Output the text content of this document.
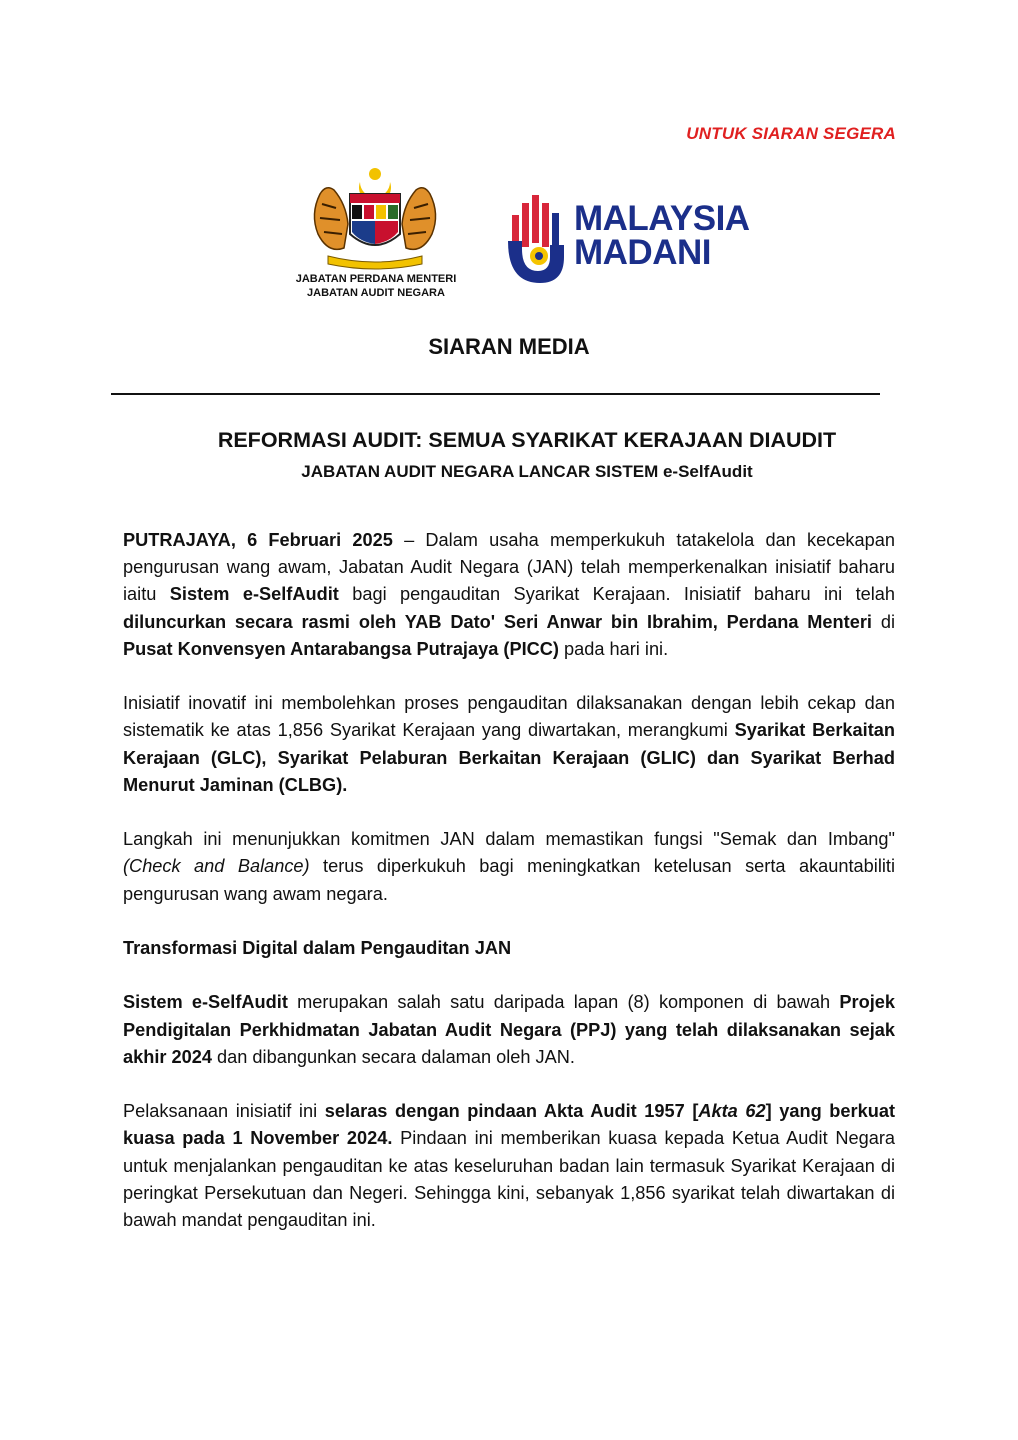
UNTUK SIARAN SEGERA
JABATAN PERDANA MENTERI
JABATAN AUDIT NEGARA
MALAYSIA
MADANI
SIARAN MEDIA
REFORMASI AUDIT: SEMUA SYARIKAT KERAJAAN DIAUDIT
JABATAN AUDIT NEGARA LANCAR SISTEM e-SelfAudit

PUTRAJAYA, 6 Februari 2025 – Dalam usaha memperkukuh tatakelola dan kecekapan pengurusan wang awam, Jabatan Audit Negara (JAN) telah memperkenalkan inisiatif baharu iaitu Sistem e-SelfAudit bagi pengauditan Syarikat Kerajaan. Inisiatif baharu ini telah diluncurkan secara rasmi oleh YAB Dato' Seri Anwar bin Ibrahim, Perdana Menteri di Pusat Konvensyen Antarabangsa Putrajaya (PICC) pada hari ini.

Inisiatif inovatif ini membolehkan proses pengauditan dilaksanakan dengan lebih cekap dan sistematik ke atas 1,856 Syarikat Kerajaan yang diwartakan, merangkumi Syarikat Berkaitan Kerajaan (GLC), Syarikat Pelaburan Berkaitan Kerajaan (GLIC) dan Syarikat Berhad Menurut Jaminan (CLBG).

Langkah ini menunjukkan komitmen JAN dalam memastikan fungsi "Semak dan Imbang" (Check and Balance) terus diperkukuh bagi meningkatkan ketelusan serta akauntabiliti pengurusan wang awam negara.

Transformasi Digital dalam Pengauditan JAN

Sistem e-SelfAudit merupakan salah satu daripada lapan (8) komponen di bawah Projek Pendigitalan Perkhidmatan Jabatan Audit Negara (PPJ) yang telah dilaksanakan sejak akhir 2024 dan dibangunkan secara dalaman oleh JAN.

Pelaksanaan inisiatif ini selaras dengan pindaan Akta Audit 1957 [Akta 62] yang berkuat kuasa pada 1 November 2024. Pindaan ini memberikan kuasa kepada Ketua Audit Negara untuk menjalankan pengauditan ke atas keseluruhan badan lain termasuk Syarikat Kerajaan di peringkat Persekutuan dan Negeri. Sehingga kini, sebanyak 1,856 syarikat telah diwartakan di bawah mandat pengauditan ini.
